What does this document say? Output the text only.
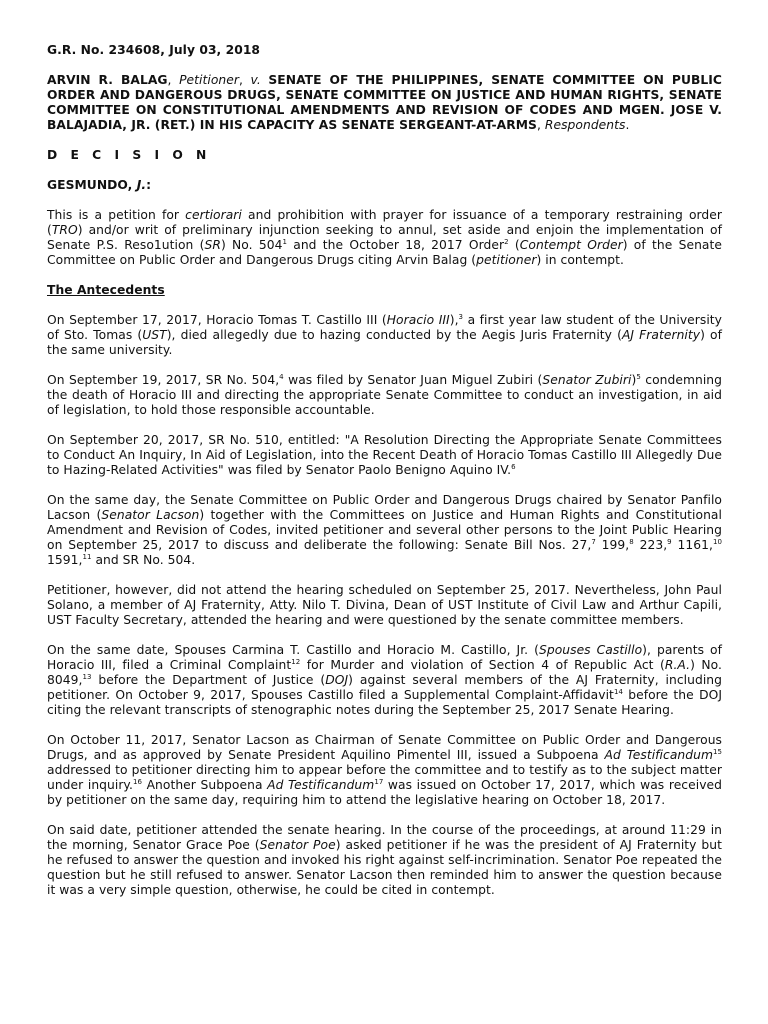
G.R. No. 234608, July 03, 2018

ARVIN R. BALAG, Petitioner, v. SENATE OF THE PHILIPPINES, SENATE COMMITTEE ON PUBLIC ORDER AND DANGEROUS DRUGS, SENATE COMMITTEE ON JUSTICE AND HUMAN RIGHTS, SENATE COMMITTEE ON CONSTITUTIONAL AMENDMENTS AND REVISION OF CODES AND MGEN. JOSE V. BALAJADIA, JR. (RET.) IN HIS CAPACITY AS SENATE SERGEANT-AT-ARMS, Respondents.

D E C I S I O N

GESMUNDO, J.:

This is a petition for certiorari and prohibition with prayer for issuance of a temporary restraining order (TRO) and/or writ of preliminary injunction seeking to annul, set aside and enjoin the implementation of Senate P.S. Reso1ution (SR) No. $504^1$ and the October 18, 2017 Order$^2$ (Contempt Order) of the Senate Committee on Public Order and Dangerous Drugs citing Arvin Balag (petitioner) in contempt.

The Antecedents

On September 17, 2017, Horacio Tomas T. Castillo III (Horacio III),$^3$ a first year law student of the University of Sto. Tomas (UST), died allegedly due to hazing conducted by the Aegis Juris Fraternity (AJ Fraternity) of the same university.

On September 19, 2017, SR No. 504,$^4$ was filed by Senator Juan Miguel Zubiri (Senator Zubiri)$^5$ condemning the death of Horacio III and directing the appropriate Senate Committee to conduct an investigation, in aid of legislation, to hold those responsible accountable.

On September 20, 2017, SR No. 510, entitled: "A Resolution Directing the Appropriate Senate Committees to Conduct An Inquiry, In Aid of Legislation, into the Recent Death of Horacio Tomas Castillo III Allegedly Due to Hazing-Related Activities" was filed by Senator Paolo Benigno Aquino IV.$^6$

On the same day, the Senate Committee on Public Order and Dangerous Drugs chaired by Senator Panfilo Lacson (Senator Lacson) together with the Committees on Justice and Human Rights and Constitutional Amendment and Revision of Codes, invited petitioner and several other persons to the Joint Public Hearing on September 25, 2017 to discuss and deliberate the following: Senate Bill Nos. 27,$^7$ 199,$^8$ 223,$^9$ 1161,10 1591,11 and SR No. 504.

Petitioner, however, did not attend the hearing scheduled on September 25, 2017. Nevertheless, John Paul Solano, a member of AJ Fraternity, Atty. Nilo T. Divina, Dean of UST Institute of Civil Law and Arthur Capili, UST Faculty Secretary, attended the hearing and were questioned by the senate committee members.

On the same date, Spouses Carmina T. Castillo and Horacio M. Castillo, Jr. (Spouses Castillo), parents of Horacio III, filed a Criminal Complaint$^{12}$ for Murder and violation of Section 4 of Republic Act (R.A.) No. 8049,13 before the Department of Justice (DOJ) against several members of the AJ Fraternity, including petitioner. On October 9, 2017, Spouses Castillo filed a Supplemental Complaint-Affidavit$^{14}$ before the DOJ citing the relevant transcripts of stenographic notes during the September 25, 2017 Senate Hearing.

On October 11, 2017, Senator Lacson as Chairman of Senate Committee on Public Order and Dangerous Drugs, and as approved by Senate President Aquilino Pimentel III, issued a Subpoena Ad Testificandum$^{15}$ addressed to petitioner directing him to appear before the committee and to testify as to the subject matter under inquiry.$^{16}$ Another Subpoena Ad Testificandum$^{17}$ was issued on October 17, 2017, which was received by petitioner on the same day, requiring him to attend the legislative hearing on October 18, 2017.

On said date, petitioner attended the senate hearing. In the course of the proceedings, at around 11:29 in the morning, Senator Grace Poe (Senator Poe) asked petitioner if he was the president of AJ Fraternity but he refused to answer the question and invoked his right against self-incrimination. Senator Poe repeated the question but he still refused to answer. Senator Lacson then reminded him to answer the question because it was a very simple question, otherwise, he could be cited in contempt.
